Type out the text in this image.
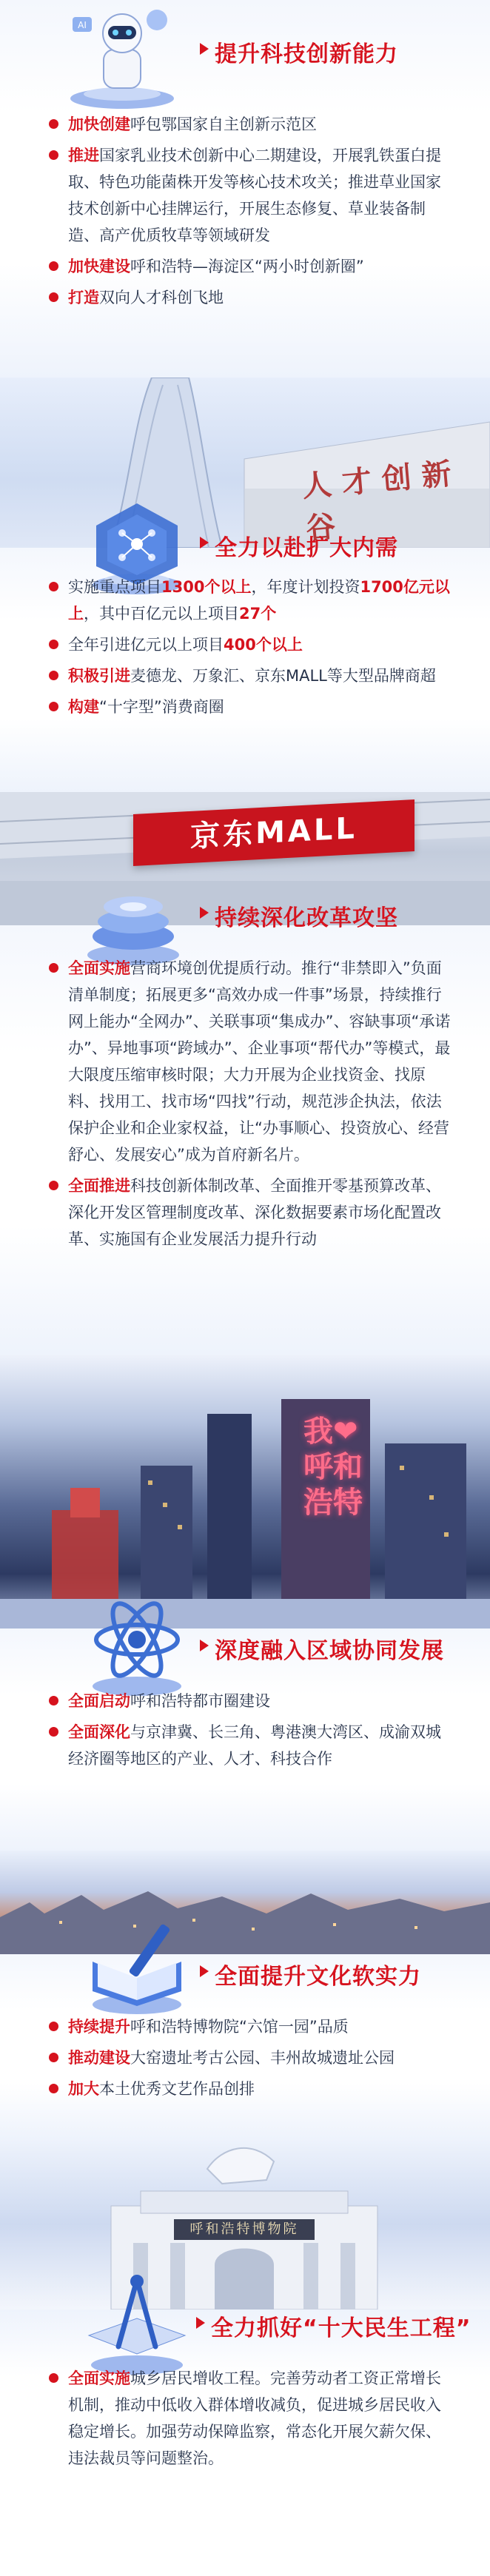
AI
提升科技创新能力
加快创建呼包鄂国家自主创新示范区
推进国家乳业技术创新中心二期建设，开展乳铁蛋白提取、特色功能菌株开发等核心技术攻关；推进草业国家技术创新中心挂牌运行，开展生态修复、草业装备制造、高产优质牧草等领域研发
加快建设呼和浩特—海淀区“两小时创新圈”
打造双向人才科创飞地
人才创新谷
全力以赴扩大内需
实施重点项目1300个以上，年度计划投资1700亿元以上，其中百亿元以上项目27个
全年引进亿元以上项目400个以上
积极引进麦德龙、万象汇、京东MALL等大型品牌商超
构建“十字型”消费商圈
京东MALL
持续深化改革攻坚
全面实施营商环境创优提质行动。推行“非禁即入”负面清单制度；拓展更多“高效办成一件事”场景，持续推行网上能办“全网办”、关联事项“集成办”、容缺事项“承诺办”、异地事项“跨域办”、企业事项“帮代办”等模式，最大限度压缩审核时限；大力开展为企业找资金、找原料、找用工、找市场“四找”行动，规范涉企执法，依法保护企业和企业家权益，让“办事顺心、投资放心、经营舒心、发展安心”成为首府新名片。
全面推进科技创新体制改革、全面推开零基预算改革、深化开发区管理制度改革、深化数据要素市场化配置改革、实施国有企业发展活力提升行动
我❤呼和浩特
深度融入区域协同发展
全面启动呼和浩特都市圈建设
全面深化与京津冀、长三角、粤港澳大湾区、成渝双城经济圈等地区的产业、人才、科技合作
全面提升文化软实力
持续提升呼和浩特博物院“六馆一园”品质
推动建设大窑遗址考古公园、丰州故城遗址公园
加大本土优秀文艺作品创排
呼和浩特博物院
全力抓好“十大民生工程”
全面实施城乡居民增收工程。完善劳动者工资正常增长机制，推动中低收入群体增收减负，促进城乡居民收入稳定增长。加强劳动保障监察，常态化开展欠薪欠保、违法裁员等问题整治。
